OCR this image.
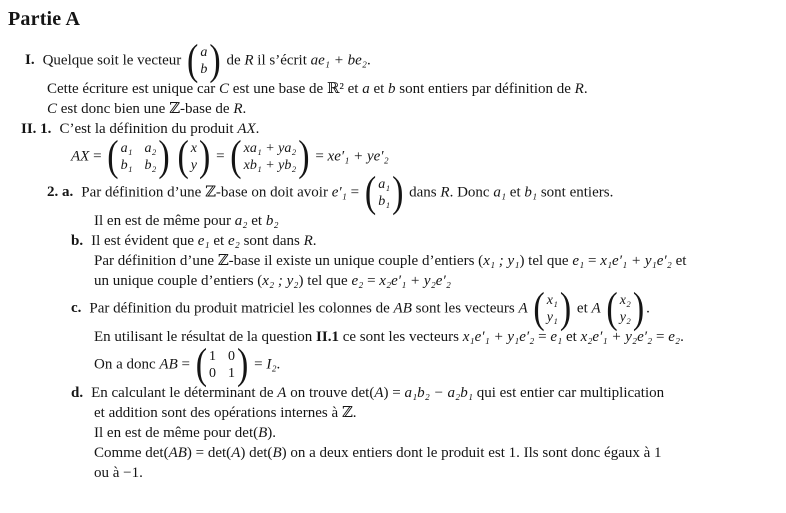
Partie A
I. Quelque soit le vecteur ( a
b ) de R il s’écrit ae₁ + be₂.
Cette écriture est unique car C est une base de ℝ² et a et b sont entiers par définition de R.
C est donc bien une ℤ-base de R.
II. 1. C’est la définition du produit AX.
AX = ( a₁ a₂
b₁ b₂ )
( x
y ) = ( xa₁ + ya₂
xb₁ + yb₂ ) = xe′₁ + ye′₂
2. a. Par définition d’une ℤ-base on doit avoir e′₁ = ( a₁
b₁ ) dans R. Donc a₁ et b₁ sont entiers.
Il en est de même pour a₂ et b₂
b. Il est évident que e₁ et e₂ sont dans R.
Par définition d’une ℤ-base il existe un unique couple d’entiers (x₁ ; y₁) tel que e₁ = x₁e′₁ + y₁e′₂ et
un unique couple d’entiers (x₂ ; y₂) tel que e₂ = x₂e′₁ + y₂e′₂
c. Par définition du produit matriciel les colonnes de AB sont les vecteurs A ( x₁
y₁ ) et A ( x₂
y₂ ) .
En utilisant le résultat de la question II.1 ce sont les vecteurs x₁e′₁ + y₁e′₂ = e₁ et x₂e′₁ + y₂e′₂ = e₂.
On a donc AB = ( 1 0
0 1 ) = I₂.
d. En calculant le déterminant de A on trouve det(A) = a₁b₂ − a₂b₁ qui est entier car multiplication
et addition sont des opérations internes à ℤ.
Il en est de même pour det(B).
Comme det(AB) = det(A) det(B) on a deux entiers dont le produit est 1. Ils sont donc égaux à 1
ou à −1.
